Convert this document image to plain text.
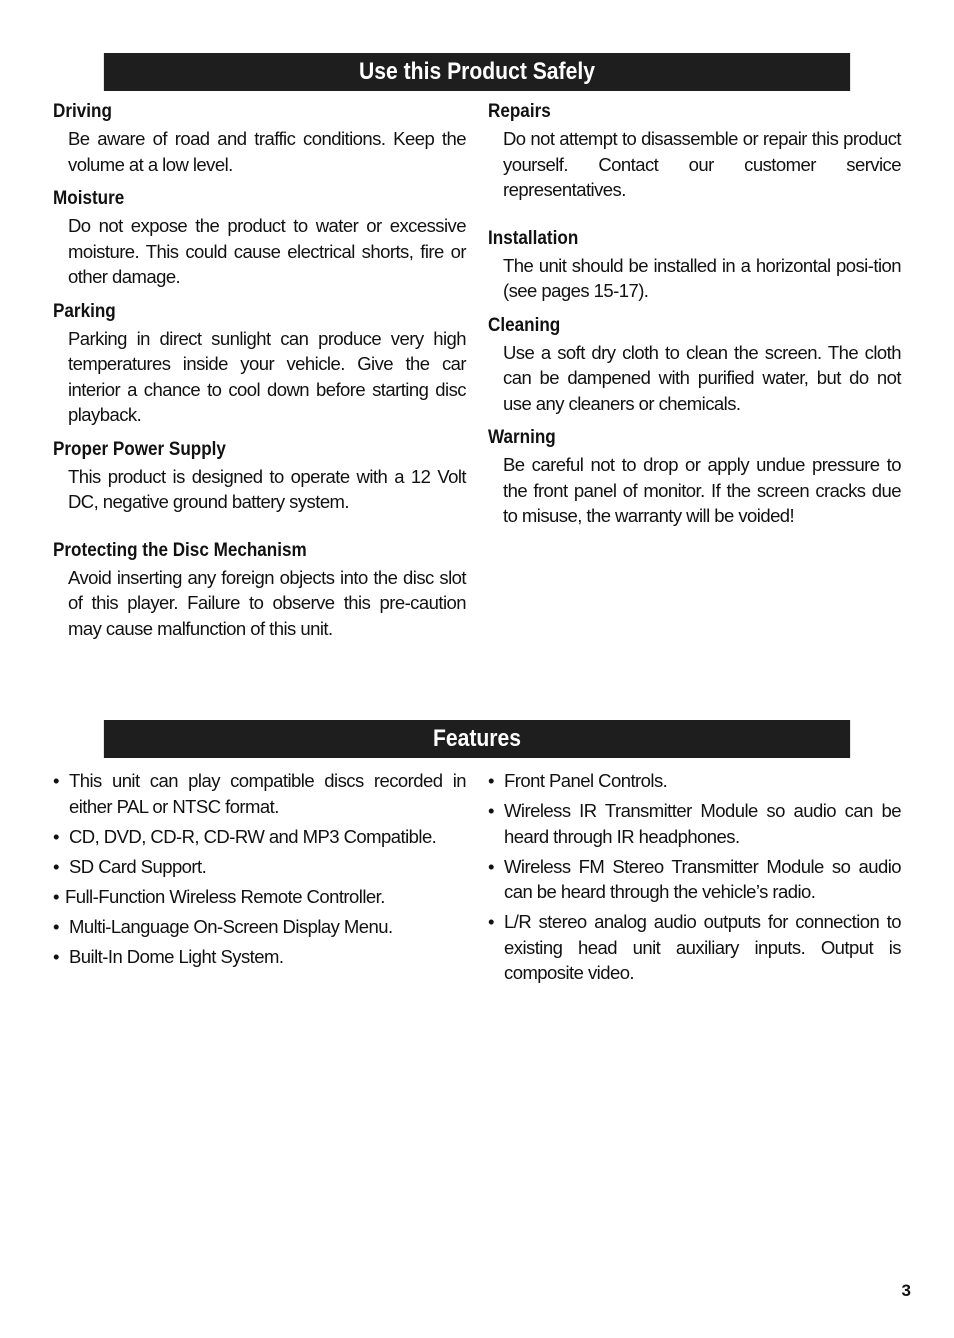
Use this Product Safely

Driving

Be aware of road and traffic conditions. Keep the volume at a low level.

Moisture

Do not expose the product to water or excessive moisture. This could cause electrical shorts, fire or other damage.

Parking

Parking in direct sunlight can produce very high temperatures inside your vehicle. Give the car interior a chance to cool down before starting disc playback.

Proper Power Supply

This product is designed to operate with a 12 Volt DC, negative ground battery system.

Protecting the Disc Mechanism

Avoid inserting any foreign objects into the disc slot of this player. Failure to observe this pre-caution may cause malfunction of this unit.

Repairs

Do not attempt to disassemble or repair this product yourself. Contact our customer service representatives.

Installation

The unit should be installed in a horizontal posi-tion (see pages 15-17).

Cleaning

Use a soft dry cloth to clean the screen. The cloth can be dampened with purified water, but do not use any cleaners or chemicals.

Warning

Be careful not to drop or apply undue pressure to the front panel of monitor. If the screen cracks due to misuse, the warranty will be voided!

Features
• This unit can play compatible discs recorded in either PAL or NTSC format.
• CD, DVD, CD-R, CD-RW and MP3 Compatible.
• SD Card Support.
• Full-Function Wireless Remote Controller.
• Multi-Language On-Screen Display Menu.
• Built-In Dome Light System.
• Front Panel Controls.
• Wireless IR Transmitter Module so audio can be heard through IR headphones.
• Wireless FM Stereo Transmitter Module so audio can be heard through the vehicle’s radio.
• L/R stereo analog audio outputs for connection to existing head unit auxiliary inputs. Output is composite video.
3
